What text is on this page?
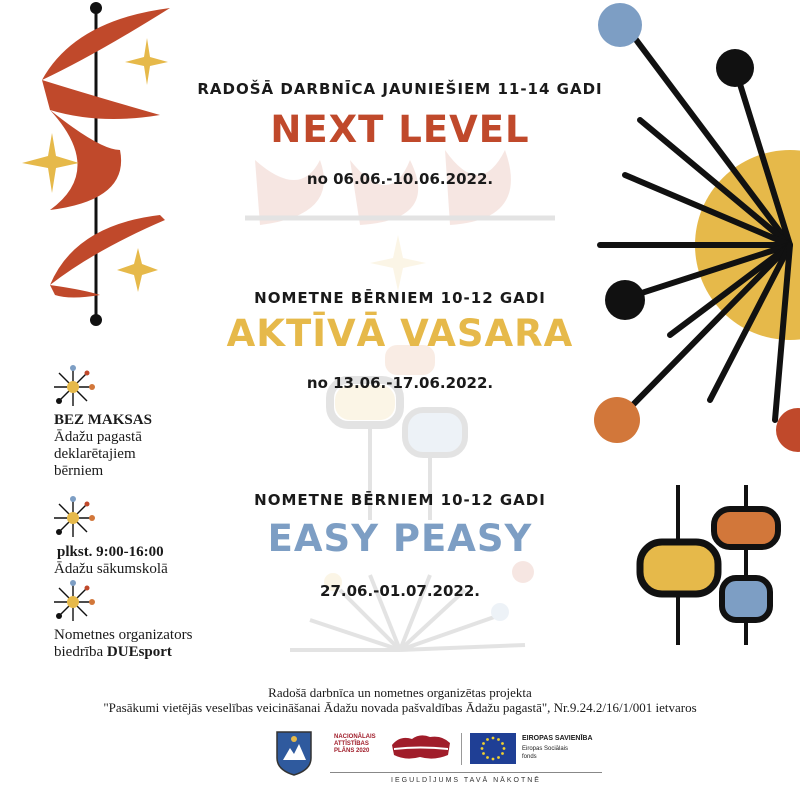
RADOŠĀ DARBNĪCA JAUNIEŠIEM 11-14 GADI
NEXT LEVEL
no 06.06.-10.06.2022.
NOMETNE BĒRNIEM 10-12 GADI
AKTĪVĀ VASARA
no 13.06.-17.06.2022.
NOMETNE BĒRNIEM 10-12 GADI
EASY PEASY
27.06.-01.07.2022.
BEZ MAKSAS
Ādažu pagastā
deklarētajiem
bērniem
plkst. 9:00-16:00
Ādažu sākumskolā
Nometnes organizators
biedrība DUEsport
Radošā darbnīca un nometnes organizētas projekta
"Pasākumi vietējās veselības veicināšanai Ādažu novada pašvaldības Ādažu pagastā", Nr.9.24.2/16/1/001 ietvaros
NACIONĀLAIS
ATTĪSTĪBAS
PLĀNS 2020
EIROPAS SAVIENĪBA
Eiropas Sociālais
fonds
IEGULDĪJUMS TAVĀ NĀKOTNĒ
